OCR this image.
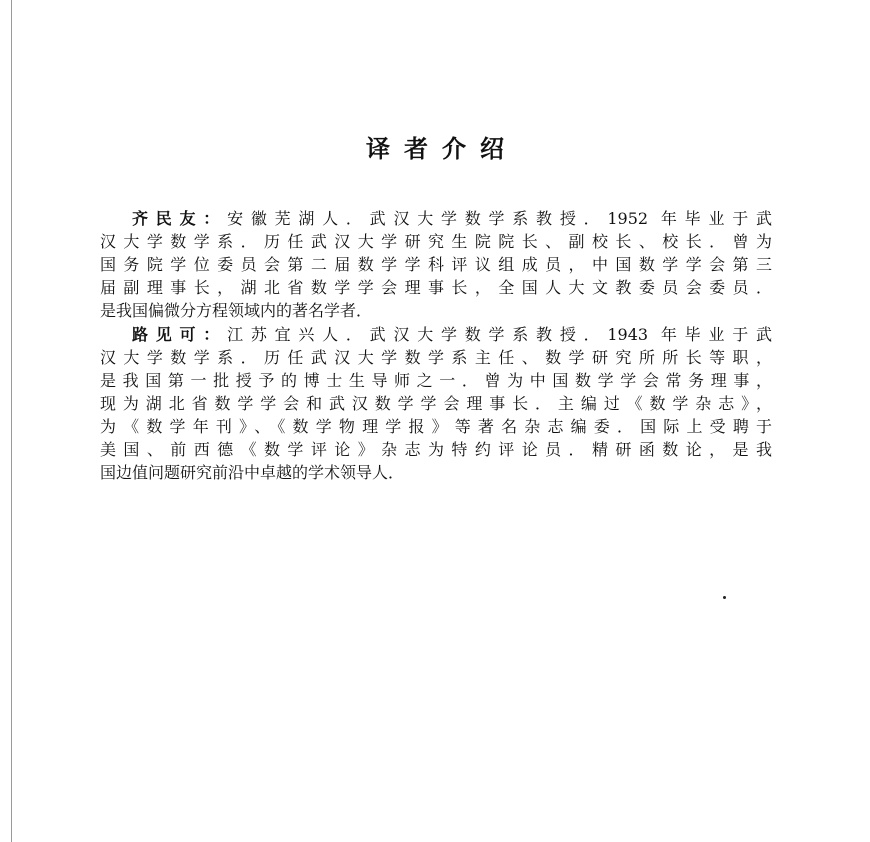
译者介绍
齐民友：安徽芜湖人．武汉大学数学系教授．1952 年毕业于武
汉大学数学系．历任武汉大学研究生院院长、副校长、校长．曾为
国务院学位委员会第二届数学学科评议组成员，中国数学学会第三
届副理事长，湖北省数学学会理事长，全国人大文教委员会委员．
是我国偏微分方程领域内的著名学者．
路见可：江苏宜兴人．武汉大学数学系教授．1943 年毕业于武
汉大学数学系．历任武汉大学数学系主任、数学研究所所长等职，
是我国第一批授予的博士生导师之一．曾为中国数学学会常务理事，
现为湖北省数学学会和武汉数学学会理事长．主编过《数学杂志》，
为《数学年刊》、《数学物理学报》等著名杂志编委．国际上受聘于
美国、前西德《数学评论》杂志为特约评论员．精研函数论，是我
国边值问题研究前沿中卓越的学术领导人．
